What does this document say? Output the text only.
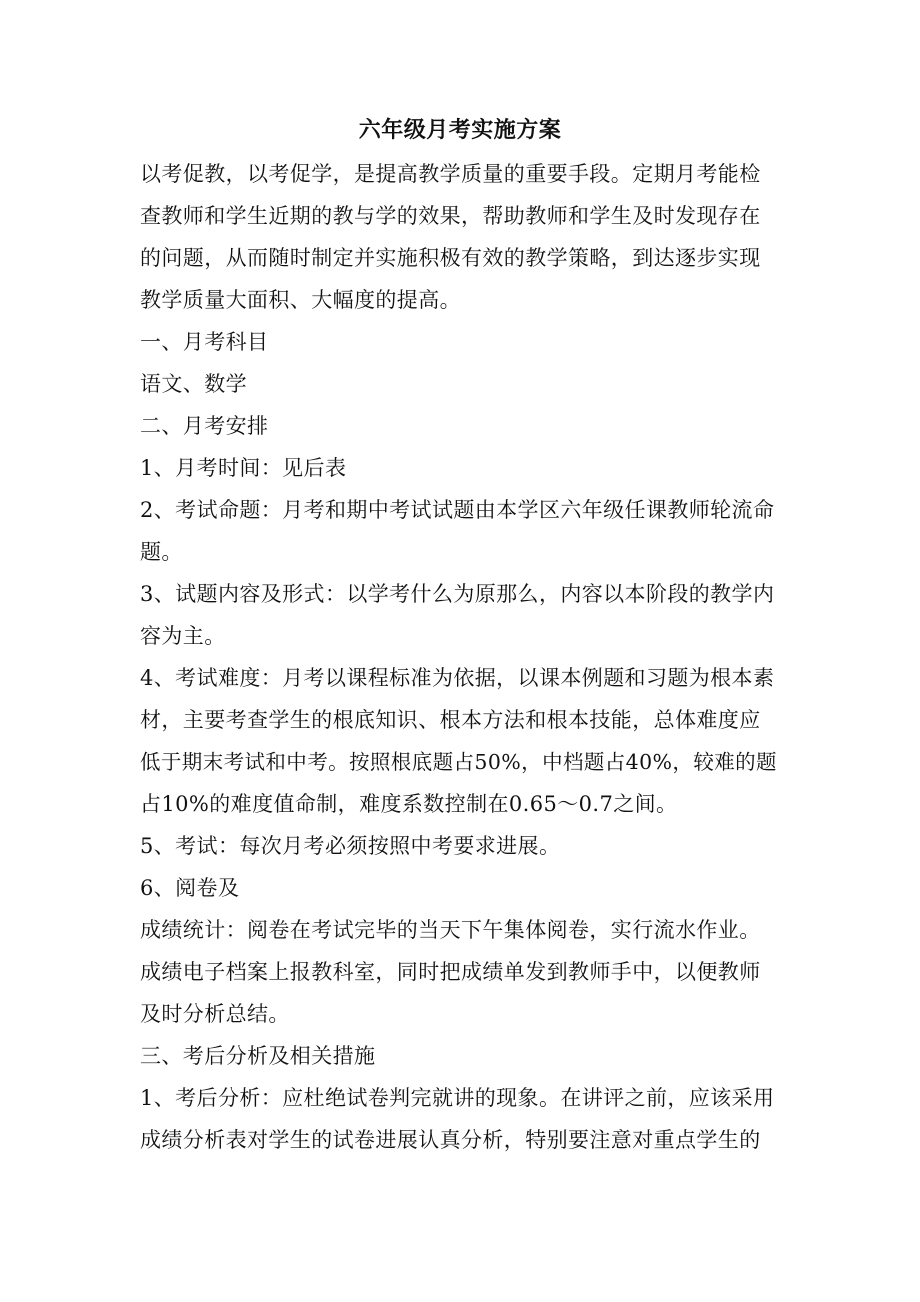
六年级月考实施方案

以考促教，以考促学，是提高教学质量的重要手段。定期月考能检

查教师和学生近期的教与学的效果，帮助教师和学生及时发现存在

的问题，从而随时制定并实施积极有效的教学策略，到达逐步实现

教学质量大面积、大幅度的提高。

一、月考科目

语文、数学

二、月考安排

1、月考时间：见后表

2、考试命题：月考和期中考试试题由本学区六年级任课教师轮流命

题。

3、试题内容及形式：以学考什么为原那么，内容以本阶段的教学内

容为主。

4、考试难度：月考以课程标准为依据，以课本例题和习题为根本素

材，主要考查学生的根底知识、根本方法和根本技能，总体难度应

低于期末考试和中考。按照根底题占50%，中档题占40%，较难的题

占10%的难度值命制，难度系数控制在0.65～0.7之间。

5、考试：每次月考必须按照中考要求进展。

6、阅卷及

成绩统计：阅卷在考试完毕的当天下午集体阅卷，实行流水作业。

成绩电子档案上报教科室，同时把成绩单发到教师手中，以便教师

及时分析总结。

三、考后分析及相关措施

1、考后分析：应杜绝试卷判完就讲的现象。在讲评之前，应该采用

成绩分析表对学生的试卷进展认真分析，特别要注意对重点学生的
